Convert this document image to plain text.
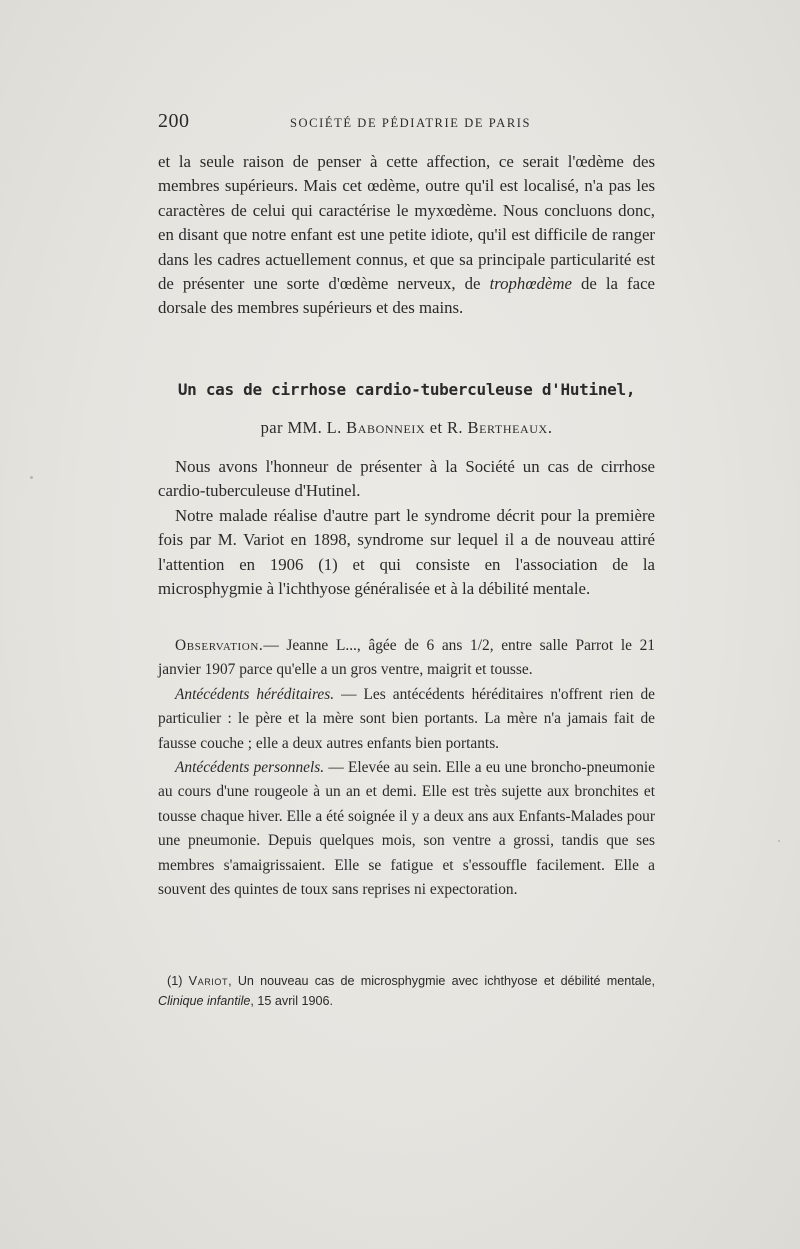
200	SOCIÉTÉ DE PÉDIATRIE DE PARIS

et la seule raison de penser à cette affection, ce serait l'œdème des membres supérieurs. Mais cet œdème, outre qu'il est localisé, n'a pas les caractères de celui qui caractérise le myxœdème. Nous concluons donc, en disant que notre enfant est une petite idiote, qu'il est difficile de ranger dans les cadres actuellement connus, et que sa principale particularité est de présenter une sorte d'œdème nerveux, de trophœdème de la face dorsale des membres supérieurs et des mains.

Un cas de cirrhose cardio-tuberculeuse d'Hutinel,
par MM. L. Babonneix et R. Bertheaux.

Nous avons l'honneur de présenter à la Société un cas de cirrhose cardio-tuberculeuse d'Hutinel.

Notre malade réalise d'autre part le syndrome décrit pour la première fois par M. Variot en 1898, syndrome sur lequel il a de nouveau attiré l'attention en 1906 (1) et qui consiste en l'association de la microsphygmie à l'ichthyose généralisée et à la débilité mentale.

Observation.— Jeanne L..., âgée de 6 ans 1/2, entre salle Parrot le 21 janvier 1907 parce qu'elle a un gros ventre, maigrit et tousse.

Antécédents héréditaires. — Les antécédents héréditaires n'offrent rien de particulier : le père et la mère sont bien portants. La mère n'a jamais fait de fausse couche ; elle a deux autres enfants bien portants.

Antécédents personnels. — Elevée au sein. Elle a eu une broncho-pneumonie au cours d'une rougeole à un an et demi. Elle est très sujette aux bronchites et tousse chaque hiver. Elle a été soignée il y a deux ans aux Enfants-Malades pour une pneumonie. Depuis quelques mois, son ventre a grossi, tandis que ses membres s'amaigrissaient. Elle se fatigue et s'essouffle facilement. Elle a souvent des quintes de toux sans reprises ni expectoration.

(1) Variot, Un nouveau cas de microsphygmie avec ichthyose et débilité mentale, Clinique infantile, 15 avril 1906.
